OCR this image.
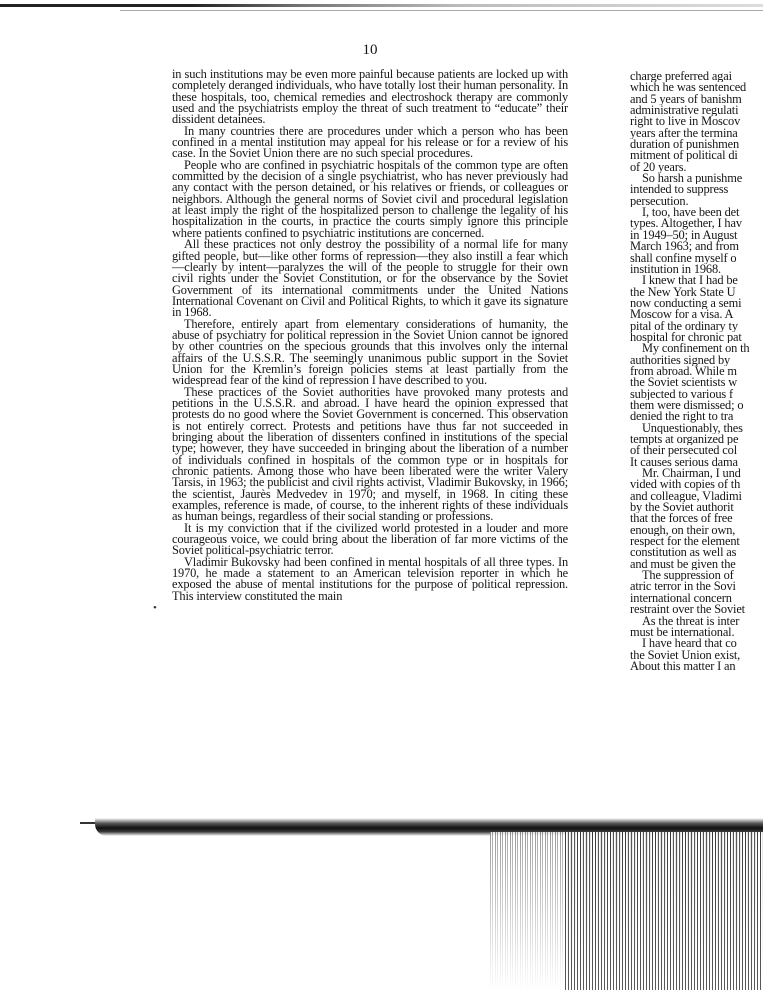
10

in such institutions may be even more painful because patients are locked up with completely deranged individuals, who have totally lost their human personality. In these hospitals, too, chemical remedies and electroshock therapy are commonly used and the psychiatrists employ the threat of such treatment to “educate” their dissident detainees.

In many countries there are procedures under which a person who has been confined in a mental institution may appeal for his release or for a review of his case. In the Soviet Union there are no such special procedures.

People who are confined in psychiatric hospitals of the common type are often committed by the decision of a single psychiatrist, who has never previously had any contact with the person detained, or his relatives or friends, or colleagues or neighbors. Although the general norms of Soviet civil and procedural legislation at least imply the right of the hospitalized person to challenge the legality of his hospitalization in the courts, in practice the courts simply ignore this principle where patients confined to psychiatric institutions are concerned.

All these practices not only destroy the possibility of a normal life for many gifted people, but—like other forms of repression—they also instill a fear which—clearly by intent—paralyzes the will of the people to struggle for their own civil rights under the Soviet Constitution, or for the observance by the Soviet Government of its international commitments under the United Nations International Covenant on Civil and Political Rights, to which it gave its signature in 1968.

Therefore, entirely apart from elementary considerations of humanity, the abuse of psychiatry for political repression in the Soviet Union cannot be ignored by other countries on the specious grounds that this involves only the internal affairs of the U.S.S.R. The seemingly unanimous public support in the Soviet Union for the Kremlin’s foreign policies stems at least partially from the widespread fear of the kind of repression I have described to you.

These practices of the Soviet authorities have provoked many protests and petitions in the U.S.S.R. and abroad. I have heard the opinion expressed that protests do no good where the Soviet Government is concerned. This observation is not entirely correct. Protests and petitions have thus far not succeeded in bringing about the liberation of dissenters confined in institutions of the special type; however, they have succeeded in bringing about the liberation of a number of individuals confined in hospitals of the common type or in hospitals for chronic patients. Among those who have been liberated were the writer Valery Tarsis, in 1963; the publicist and civil rights activist, Vladimir Bukovsky, in 1966; the scientist, Jaurès Medvedev in 1970; and myself, in 1968. In citing these examples, reference is made, of course, to the inherent rights of these individuals as human beings, regardless of their social standing or professions.

It is my conviction that if the civilized world protested in a louder and more courageous voice, we could bring about the liberation of far more victims of the Soviet political-psychiatric terror.

Vladimir Bukovsky had been confined in mental hospitals of all three types. In 1970, he made a statement to an American television reporter in which he exposed the abuse of mental institutions for the purpose of political repression. This interview constituted the main

charge preferred agai
which he was sentenced
and 5 years of banishm
administrative regulati
right to live in Moscov
years after the termina
duration of punishmen
mitment of political di
of 20 years.
So harsh a punishme
intended to suppress
persecution.
I, too, have been det
types. Altogether, I hav
in 1949–50; in August
March 1963; and from
shall confine myself o
institution in 1968.
I knew that I had be
the New York State U
now conducting a semi
Moscow for a visa. A
pital of the ordinary ty
hospital for chronic pat
My confinement on th
authorities signed by
from abroad. While m
the Soviet scientists w
subjected to various f
them were dismissed; o
denied the right to tra
Unquestionably, thes
tempts at organized pe
of their persecuted col
It causes serious dama
Mr. Chairman, I und
vided with copies of th
and colleague, Vladimi
by the Soviet authorit
that the forces of free
enough, on their own,
respect for the element
constitution as well as
and must be given the
The suppression of
atric terror in the Sovi
international concern
restraint over the Soviet
As the threat is inter
must be international.
I have heard that co
the Soviet Union exist,
About this matter I an
•
